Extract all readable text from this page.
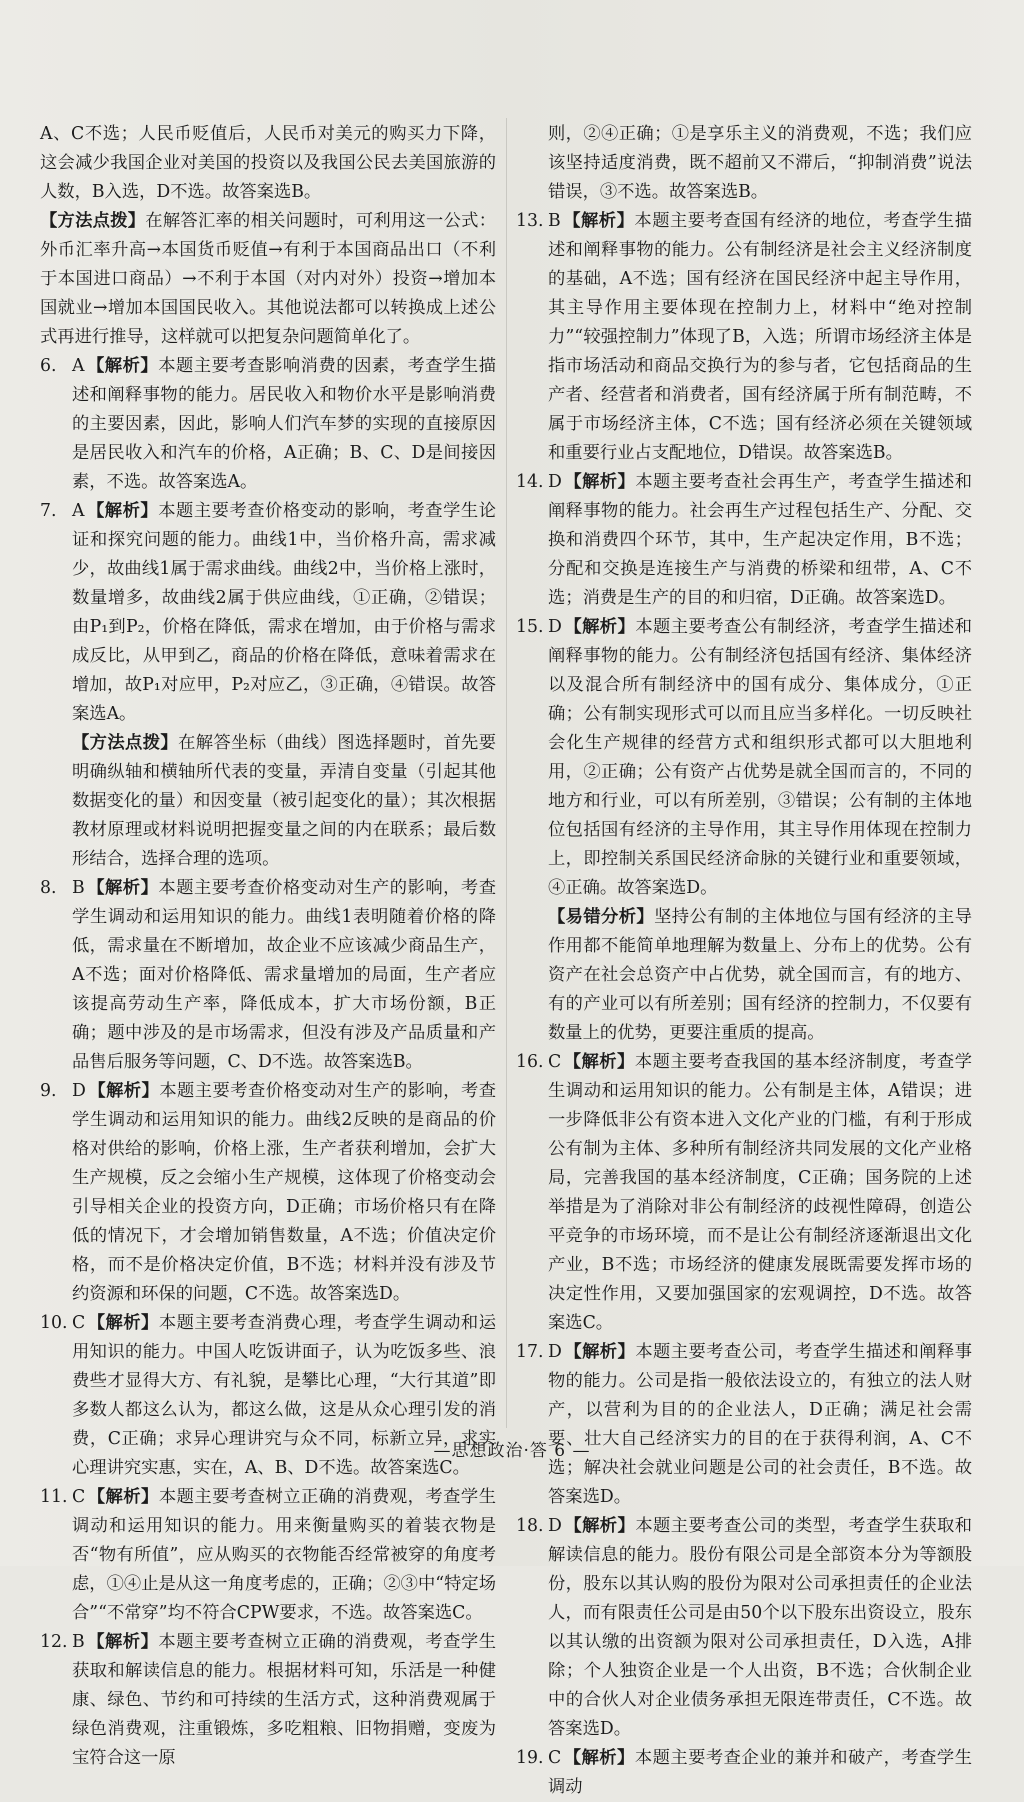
A、C不选；人民币贬值后，人民币对美元的购买力下降，这会减少我国企业对美国的投资以及我国公民去美国旅游的人数，B入选，D不选。故答案选B。

【方法点拨】在解答汇率的相关问题时，可利用这一公式：外币汇率升高→本国货币贬值→有利于本国商品出口（不利于本国进口商品）→不利于本国（对内对外）投资→增加本国就业→增加本国国民收入。其他说法都可以转换成上述公式再进行推导，这样就可以把复杂问题简单化了。

6. A 【解析】本题主要考查影响消费的因素，考查学生描述和阐释事物的能力。居民收入和物价水平是影响消费的主要因素，因此，影响人们汽车梦的实现的直接原因是居民收入和汽车的价格，A正确；B、C、D是间接因素，不选。故答案选A。

7. A 【解析】本题主要考查价格变动的影响，考查学生论证和探究问题的能力。曲线1中，当价格升高，需求减少，故曲线1属于需求曲线。曲线2中，当价格上涨时，数量增多，故曲线2属于供应曲线，①正确，②错误；由P₁到P₂，价格在降低，需求在增加，由于价格与需求成反比，从甲到乙，商品的价格在降低，意味着需求在增加，故P₁对应甲，P₂对应乙，③正确，④错误。故答案选A。

【方法点拨】在解答坐标（曲线）图选择题时，首先要明确纵轴和横轴所代表的变量，弄清自变量（引起其他数据变化的量）和因变量（被引起变化的量）；其次根据教材原理或材料说明把握变量之间的内在联系；最后数形结合，选择合理的选项。

8. B 【解析】本题主要考查价格变动对生产的影响，考查学生调动和运用知识的能力。曲线1表明随着价格的降低，需求量在不断增加，故企业不应该减少商品生产，A不选；面对价格降低、需求量增加的局面，生产者应该提高劳动生产率，降低成本，扩大市场份额，B正确；题中涉及的是市场需求，但没有涉及产品质量和产品售后服务等问题，C、D不选。故答案选B。

9. D 【解析】本题主要考查价格变动对生产的影响，考查学生调动和运用知识的能力。曲线2反映的是商品的价格对供给的影响，价格上涨，生产者获利增加，会扩大生产规模，反之会缩小生产规模，这体现了价格变动会引导相关企业的投资方向，D正确；市场价格只有在降低的情况下，才会增加销售数量，A不选；价值决定价格，而不是价格决定价值，B不选；材料并没有涉及节约资源和环保的问题，C不选。故答案选D。

10. C 【解析】本题主要考查消费心理，考查学生调动和运用知识的能力。中国人吃饭讲面子，认为吃饭多些、浪费些才显得大方、有礼貌，是攀比心理，“大行其道”即多数人都这么认为，都这么做，这是从众心理引发的消费，C正确；求异心理讲究与众不同，标新立异，求实心理讲究实惠，实在，A、B、D不选。故答案选C。

11. C 【解析】本题主要考查树立正确的消费观，考查学生调动和运用知识的能力。用来衡量购买的着装衣物是否“物有所值”，应从购买的衣物能否经常被穿的角度考虑，①④止是从这一角度考虑的，正确；②③中“特定场合”“不常穿”均不符合CPW要求，不选。故答案选C。

12. B 【解析】本题主要考查树立正确的消费观，考查学生获取和解读信息的能力。根据材料可知，乐活是一种健康、绿色、节约和可持续的生活方式，这种消费观属于绿色消费观，注重锻炼，多吃粗粮、旧物捐赠，变废为宝符合这一原

则，②④正确；①是享乐主义的消费观，不选；我们应该坚持适度消费，既不超前又不滞后，“抑制消费”说法错误，③不选。故答案选B。

13. B 【解析】本题主要考查国有经济的地位，考查学生描述和阐释事物的能力。公有制经济是社会主义经济制度的基础，A不选；国有经济在国民经济中起主导作用，其主导作用主要体现在控制力上，材料中“绝对控制力”“较强控制力”体现了B，入选；所谓市场经济主体是指市场活动和商品交换行为的参与者，它包括商品的生产者、经营者和消费者，国有经济属于所有制范畴，不属于市场经济主体，C不选；国有经济必须在关键领域和重要行业占支配地位，D错误。故答案选B。

14. D 【解析】本题主要考查社会再生产，考查学生描述和阐释事物的能力。社会再生产过程包括生产、分配、交换和消费四个环节，其中，生产起决定作用，B不选；分配和交换是连接生产与消费的桥梁和纽带，A、C不选；消费是生产的目的和归宿，D正确。故答案选D。

15. D 【解析】本题主要考查公有制经济，考查学生描述和阐释事物的能力。公有制经济包括国有经济、集体经济以及混合所有制经济中的国有成分、集体成分，①正确；公有制实现形式可以而且应当多样化。一切反映社会化生产规律的经营方式和组织形式都可以大胆地利用，②正确；公有资产占优势是就全国而言的，不同的地方和行业，可以有所差别，③错误；公有制的主体地位包括国有经济的主导作用，其主导作用体现在控制力上，即控制关系国民经济命脉的关键行业和重要领域，④正确。故答案选D。

【易错分析】坚持公有制的主体地位与国有经济的主导作用都不能简单地理解为数量上、分布上的优势。公有资产在社会总资产中占优势，就全国而言，有的地方、有的产业可以有所差别；国有经济的控制力，不仅要有数量上的优势，更要注重质的提高。

16. C 【解析】本题主要考查我国的基本经济制度，考查学生调动和运用知识的能力。公有制是主体，A错误；进一步降低非公有资本进入文化产业的门槛，有利于形成公有制为主体、多种所有制经济共同发展的文化产业格局，完善我国的基本经济制度，C正确；国务院的上述举措是为了消除对非公有制经济的歧视性障碍，创造公平竞争的市场环境，而不是让公有制经济逐渐退出文化产业，B不选；市场经济的健康发展既需要发挥市场的决定性作用，又要加强国家的宏观调控，D不选。故答案选C。

17. D 【解析】本题主要考查公司，考查学生描述和阐释事物的能力。公司是指一般依法设立的，有独立的法人财产，以营利为目的的企业法人，D正确；满足社会需要、壮大自己经济实力的目的在于获得利润，A、C不选；解决社会就业问题是公司的社会责任，B不选。故答案选D。

18. D 【解析】本题主要考查公司的类型，考查学生获取和解读信息的能力。股份有限公司是全部资本分为等额股份，股东以其认购的股份为限对公司承担责任的企业法人，而有限责任公司是由50个以下股东出资设立，股东以其认缴的出资额为限对公司承担责任，D入选，A排除；个人独资企业是一个人出资，B不选；合伙制企业中的合伙人对企业债务承担无限连带责任，C不选。故答案选D。

19. C 【解析】本题主要考查企业的兼并和破产，考查学生调动

—思想政治·答 6 —
